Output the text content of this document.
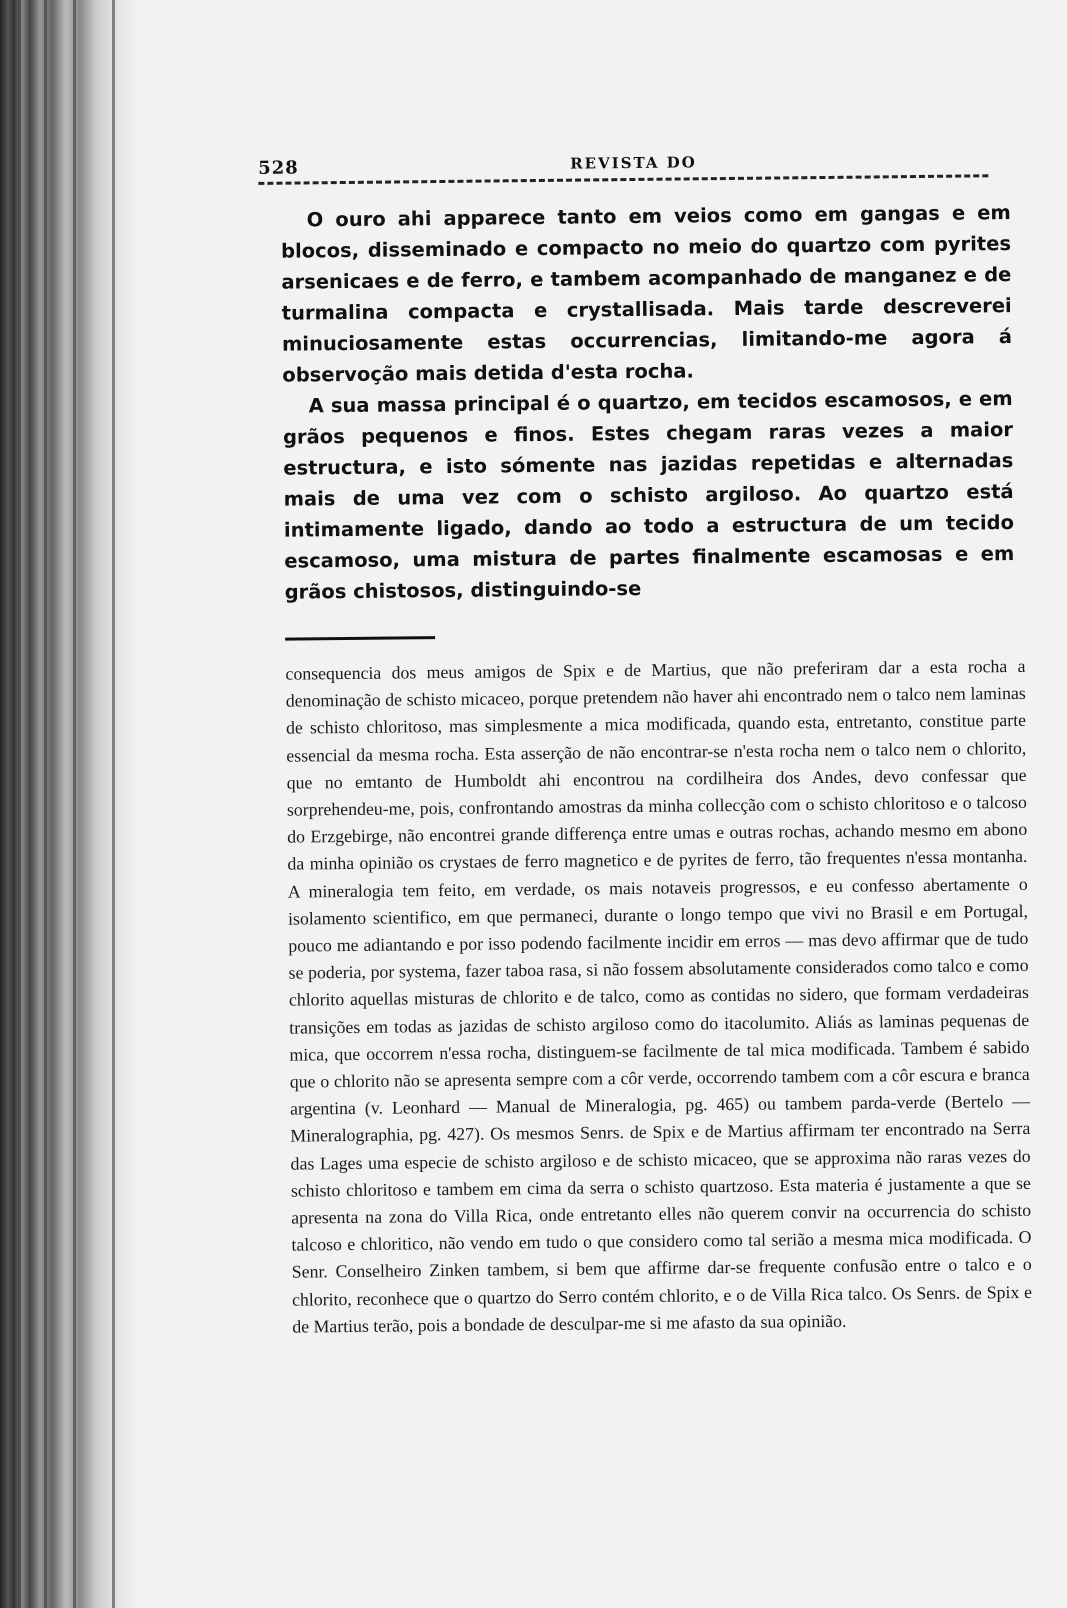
528	REVISTA DO

O ouro ahi apparece tanto em veios como em gangas e em blocos, disseminado e compacto no meio do quartzo com pyrites arsenicaes e de ferro, e tambem acompanhado de manganez e de turmalina compacta e crystallisada. Mais tarde descreverei minuciosamente estas occurrencias, limitando-me agora á observoção mais detida d'esta rocha.

A sua massa principal é o quartzo, em tecidos escamosos, e em grãos pequenos e finos. Estes chegam raras vezes a maior estructura, e isto sómente nas jazidas repetidas e alternadas mais de uma vez com o schisto argiloso. Ao quartzo está intimamente ligado, dando ao todo a estructura de um tecido escamoso, uma mistura de partes finalmente escamosas e em grãos chistosos, distinguindo-se

consequencia dos meus amigos de Spix e de Martius, que não preferiram dar a esta rocha a denominação de schisto micaceo, porque pretendem não haver ahi encontrado nem o talco nem laminas de schisto chloritoso, mas simplesmente a mica modificada, quando esta, entretanto, constitue parte essencial da mesma rocha. Esta asserção de não encontrar-se n'esta rocha nem o talco nem o chlorito, que no emtanto de Humboldt ahi encontrou na cordilheira dos Andes, devo confessar que sorprehendeu-me, pois, confrontando amostras da minha collecção com o schisto chloritoso e o talcoso do Erzgebirge, não encontrei grande differença entre umas e outras rochas, achando mesmo em abono da minha opinião os crystaes de ferro magnetico e de pyrites de ferro, tão frequentes n'essa montanha. A mineralogia tem feito, em verdade, os mais notaveis progressos, e eu confesso abertamente o isolamento scientifico, em que permaneci, durante o longo tempo que vivi no Brasil e em Portugal, pouco me adiantando e por isso podendo facilmente incidir em erros — mas devo affirmar que de tudo se poderia, por systema, fazer taboa rasa, si não fossem absolutamente considerados como talco e como chlorito aquellas misturas de chlorito e de talco, como as contidas no sidero, que formam verdadeiras transições em todas as jazidas de schisto argiloso como do itacolumito. Aliás as laminas pequenas de mica, que occorrem n'essa rocha, distinguem-se facilmente de tal mica modificada. Tambem é sabido que o chlorito não se apresenta sempre com a côr verde, occorrendo tambem com a côr escura e branca argentina (v. Leonhard — Manual de Mineralogia, pg. 465) ou tambem parda-verde (Bertelo — Mineralographia, pg. 427). Os mesmos Senrs. de Spix e de Martius affirmam ter encontrado na Serra das Lages uma especie de schisto argiloso e de schisto micaceo, que se approxima não raras vezes do schisto chloritoso e tambem em cima da serra o schisto quartzoso. Esta materia é justamente a que se apresenta na zona do Villa Rica, onde entretanto elles não querem convir na occurrencia do schisto talcoso e chloritico, não vendo em tudo o que considero como tal serião a mesma mica modificada. O Senr. Conselheiro Zinken tambem, si bem que affirme dar-se frequente confusão entre o talco e o chlorito, reconhece que o quartzo do Serro contém chlorito, e o de Villa Rica talco. Os Senrs. de Spix e de Martius terão, pois a bondade de desculpar-me si me afasto da sua opinião.
